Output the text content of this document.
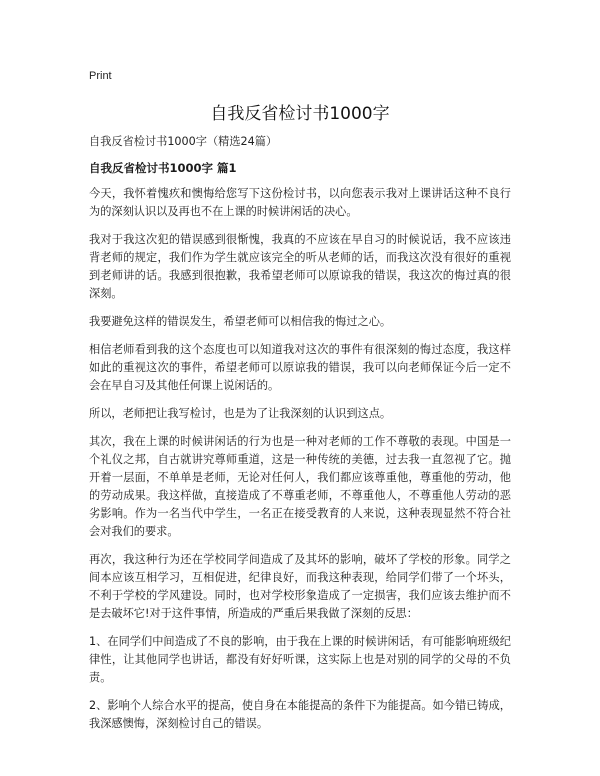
Print
自我反省检讨书1000字

自我反省检讨书1000字（精选24篇）

自我反省检讨书1000字 篇1

今天，我怀着愧疚和懊悔给您写下这份检讨书，以向您表示我对上课讲话这种不良行为的深刻认识以及再也不在上课的时候讲闲话的决心。

我对于我这次犯的错误感到很惭愧，我真的不应该在早自习的时候说话，我不应该违背老师的规定，我们作为学生就应该完全的听从老师的话，而我这次没有很好的重视到老师讲的话。我感到很抱歉，我希望老师可以原谅我的错误，我这次的悔过真的很深刻。

我要避免这样的错误发生，希望老师可以相信我的悔过之心。

相信老师看到我的这个态度也可以知道我对这次的事件有很深刻的悔过态度，我这样如此的重视这次的事件，希望老师可以原谅我的错误，我可以向老师保证今后一定不会在早自习及其他任何课上说闲话的。

所以，老师把让我写检讨，也是为了让我深刻的认识到这点。

其次，我在上课的时候讲闲话的行为也是一种对老师的工作不尊敬的表现。中国是一个礼仪之邦，自古就讲究尊师重道，这是一种传统的美德，过去我一直忽视了它。抛开着一层面，不单单是老师，无论对任何人，我们都应该尊重他，尊重他的劳动，他的劳动成果。我这样做，直接造成了不尊重老师，不尊重他人，不尊重他人劳动的恶劣影响。作为一名当代中学生，一名正在接受教育的人来说，这种表现显然不符合社会对我们的要求。

再次，我这种行为还在学校同学间造成了及其坏的影响，破坏了学校的形象。同学之间本应该互相学习，互相促进，纪律良好，而我这种表现，给同学们带了一个坏头，不利于学校的学风建设。同时，也对学校形象造成了一定损害，我们应该去维护而不是去破坏它!对于这件事情，所造成的严重后果我做了深刻的反思：

1、在同学们中间造成了不良的影响，由于我在上课的时候讲闲话，有可能影响班级纪律性，让其他同学也讲话，都没有好好听课，这实际上也是对别的同学的父母的不负责。

2、影响个人综合水平的提高，使自身在本能提高的条件下为能提高。如今错已铸成，我深感懊悔，深刻检讨自己的错误。
